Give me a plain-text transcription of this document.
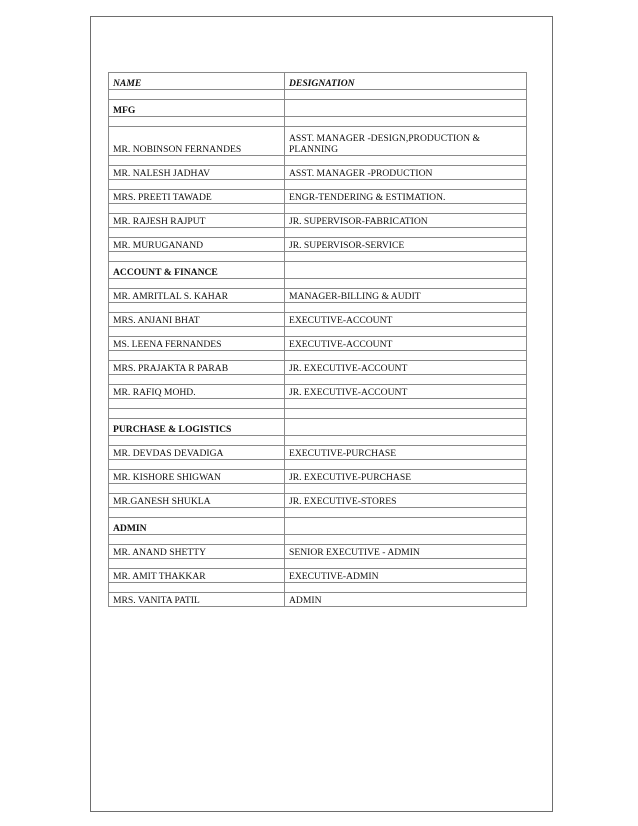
NAME	DESIGNATION

MFG	

MR. NOBINSON FERNANDES	ASST. MANAGER -DESIGN,PRODUCTION & PLANNING

MR. NALESH JADHAV	ASST. MANAGER -PRODUCTION

MRS. PREETI TAWADE	ENGR-TENDERING & ESTIMATION.

MR. RAJESH RAJPUT	JR. SUPERVISOR-FABRICATION

MR. MURUGANAND	JR. SUPERVISOR-SERVICE

ACCOUNT & FINANCE	

MR. AMRITLAL S. KAHAR	MANAGER-BILLING & AUDIT

MRS. ANJANI BHAT	EXECUTIVE-ACCOUNT

MS. LEENA FERNANDES	EXECUTIVE-ACCOUNT

MRS. PRAJAKTA R PARAB	JR. EXECUTIVE-ACCOUNT

MR. RAFIQ MOHD.	JR. EXECUTIVE-ACCOUNT

PURCHASE & LOGISTICS	

MR. DEVDAS DEVADIGA	EXECUTIVE-PURCHASE

MR. KISHORE SHIGWAN	JR. EXECUTIVE-PURCHASE

MR.GANESH SHUKLA	JR. EXECUTIVE-STORES

ADMIN	

MR. ANAND SHETTY	SENIOR EXECUTIVE - ADMIN

MR. AMIT THAKKAR	EXECUTIVE-ADMIN

MRS. VANITA PATIL	ADMIN
